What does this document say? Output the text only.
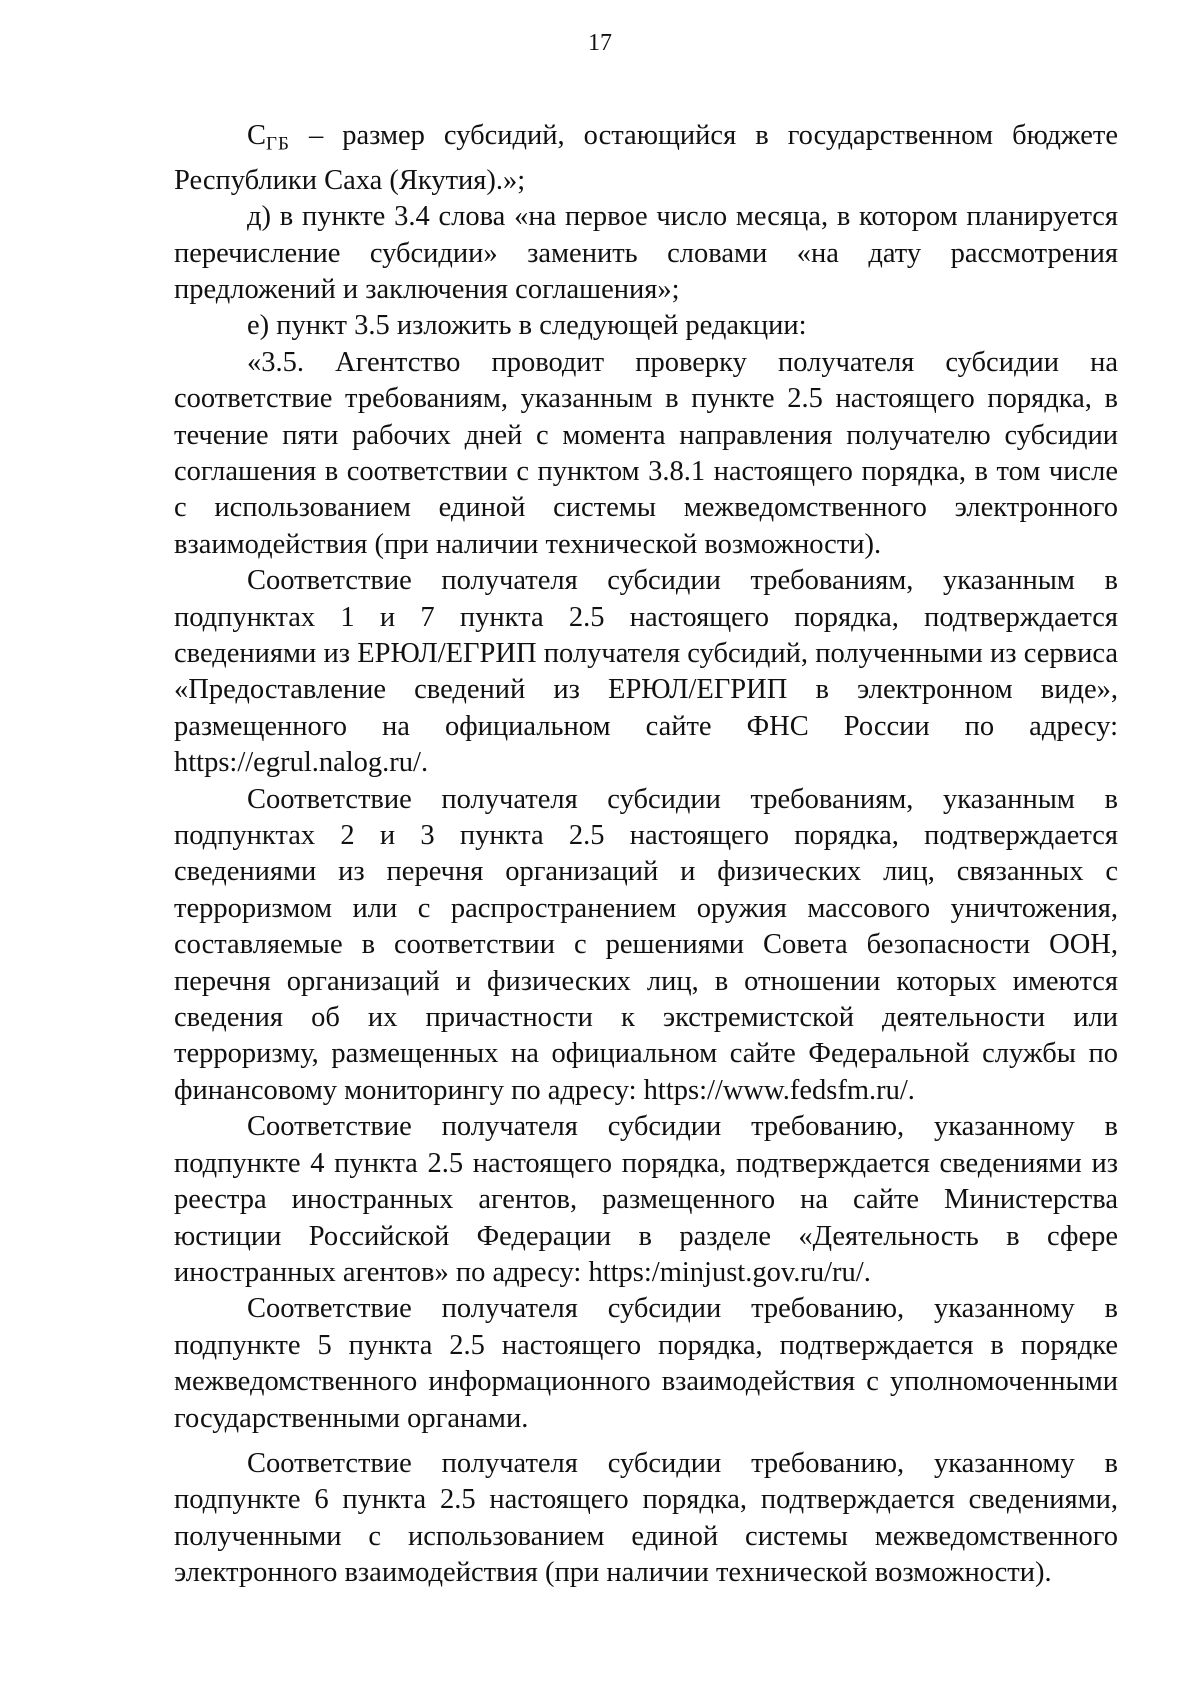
17

$С_{ГБ}$ – размер субсидий, остающийся в государственном бюджете Республики Саха (Якутия).»;

д) в пункте 3.4 слова «на первое число месяца, в котором планируется перечисление субсидии» заменить словами «на дату рассмотрения предложений и заключения соглашения»;

е) пункт 3.5 изложить в следующей редакции:

«3.5. Агентство проводит проверку получателя субсидии на соответствие требованиям, указанным в пункте 2.5 настоящего порядка, в течение пяти рабочих дней с момента направления получателю субсидии соглашения в соответствии с пунктом 3.8.1 настоящего порядка, в том числе с использованием единой системы межведомственного электронного взаимодействия (при наличии технической возможности).

Соответствие получателя субсидии требованиям, указанным в подпунктах 1 и 7 пункта 2.5 настоящего порядка, подтверждается сведениями из ЕРЮЛ/ЕГРИП получателя субсидий, полученными из сервиса «Предоставление сведений из ЕРЮЛ/ЕГРИП в электронном виде», размещенного на официальном сайте ФНС России по адресу: https://egrul.nalog.ru/.

Соответствие получателя субсидии требованиям, указанным в подпунктах 2 и 3 пункта 2.5 настоящего порядка, подтверждается сведениями из перечня организаций и физических лиц, связанных с терроризмом или с распространением оружия массового уничтожения, составляемые в соответствии с решениями Совета безопасности ООН, перечня организаций и физических лиц, в отношении которых имеются сведения об их причастности к экстремистской деятельности или терроризму, размещенных на официальном сайте Федеральной службы по финансовому мониторингу по адресу: https://www.fedsfm.ru/.

Соответствие получателя субсидии требованию, указанному в подпункте 4 пункта 2.5 настоящего порядка, подтверждается сведениями из реестра иностранных агентов, размещенного на сайте Министерства юстиции Российской Федерации в разделе «Деятельность в сфере иностранных агентов» по адресу: https:/minjust.gov.ru/ru/.

Соответствие получателя субсидии требованию, указанному в подпункте 5 пункта 2.5 настоящего порядка, подтверждается в порядке межведомственного информационного взаимодействия с уполномоченными государственными органами.

Соответствие получателя субсидии требованию, указанному в подпункте 6 пункта 2.5 настоящего порядка, подтверждается сведениями, полученными с использованием единой системы межведомственного электронного взаимодействия (при наличии технической возможности).
